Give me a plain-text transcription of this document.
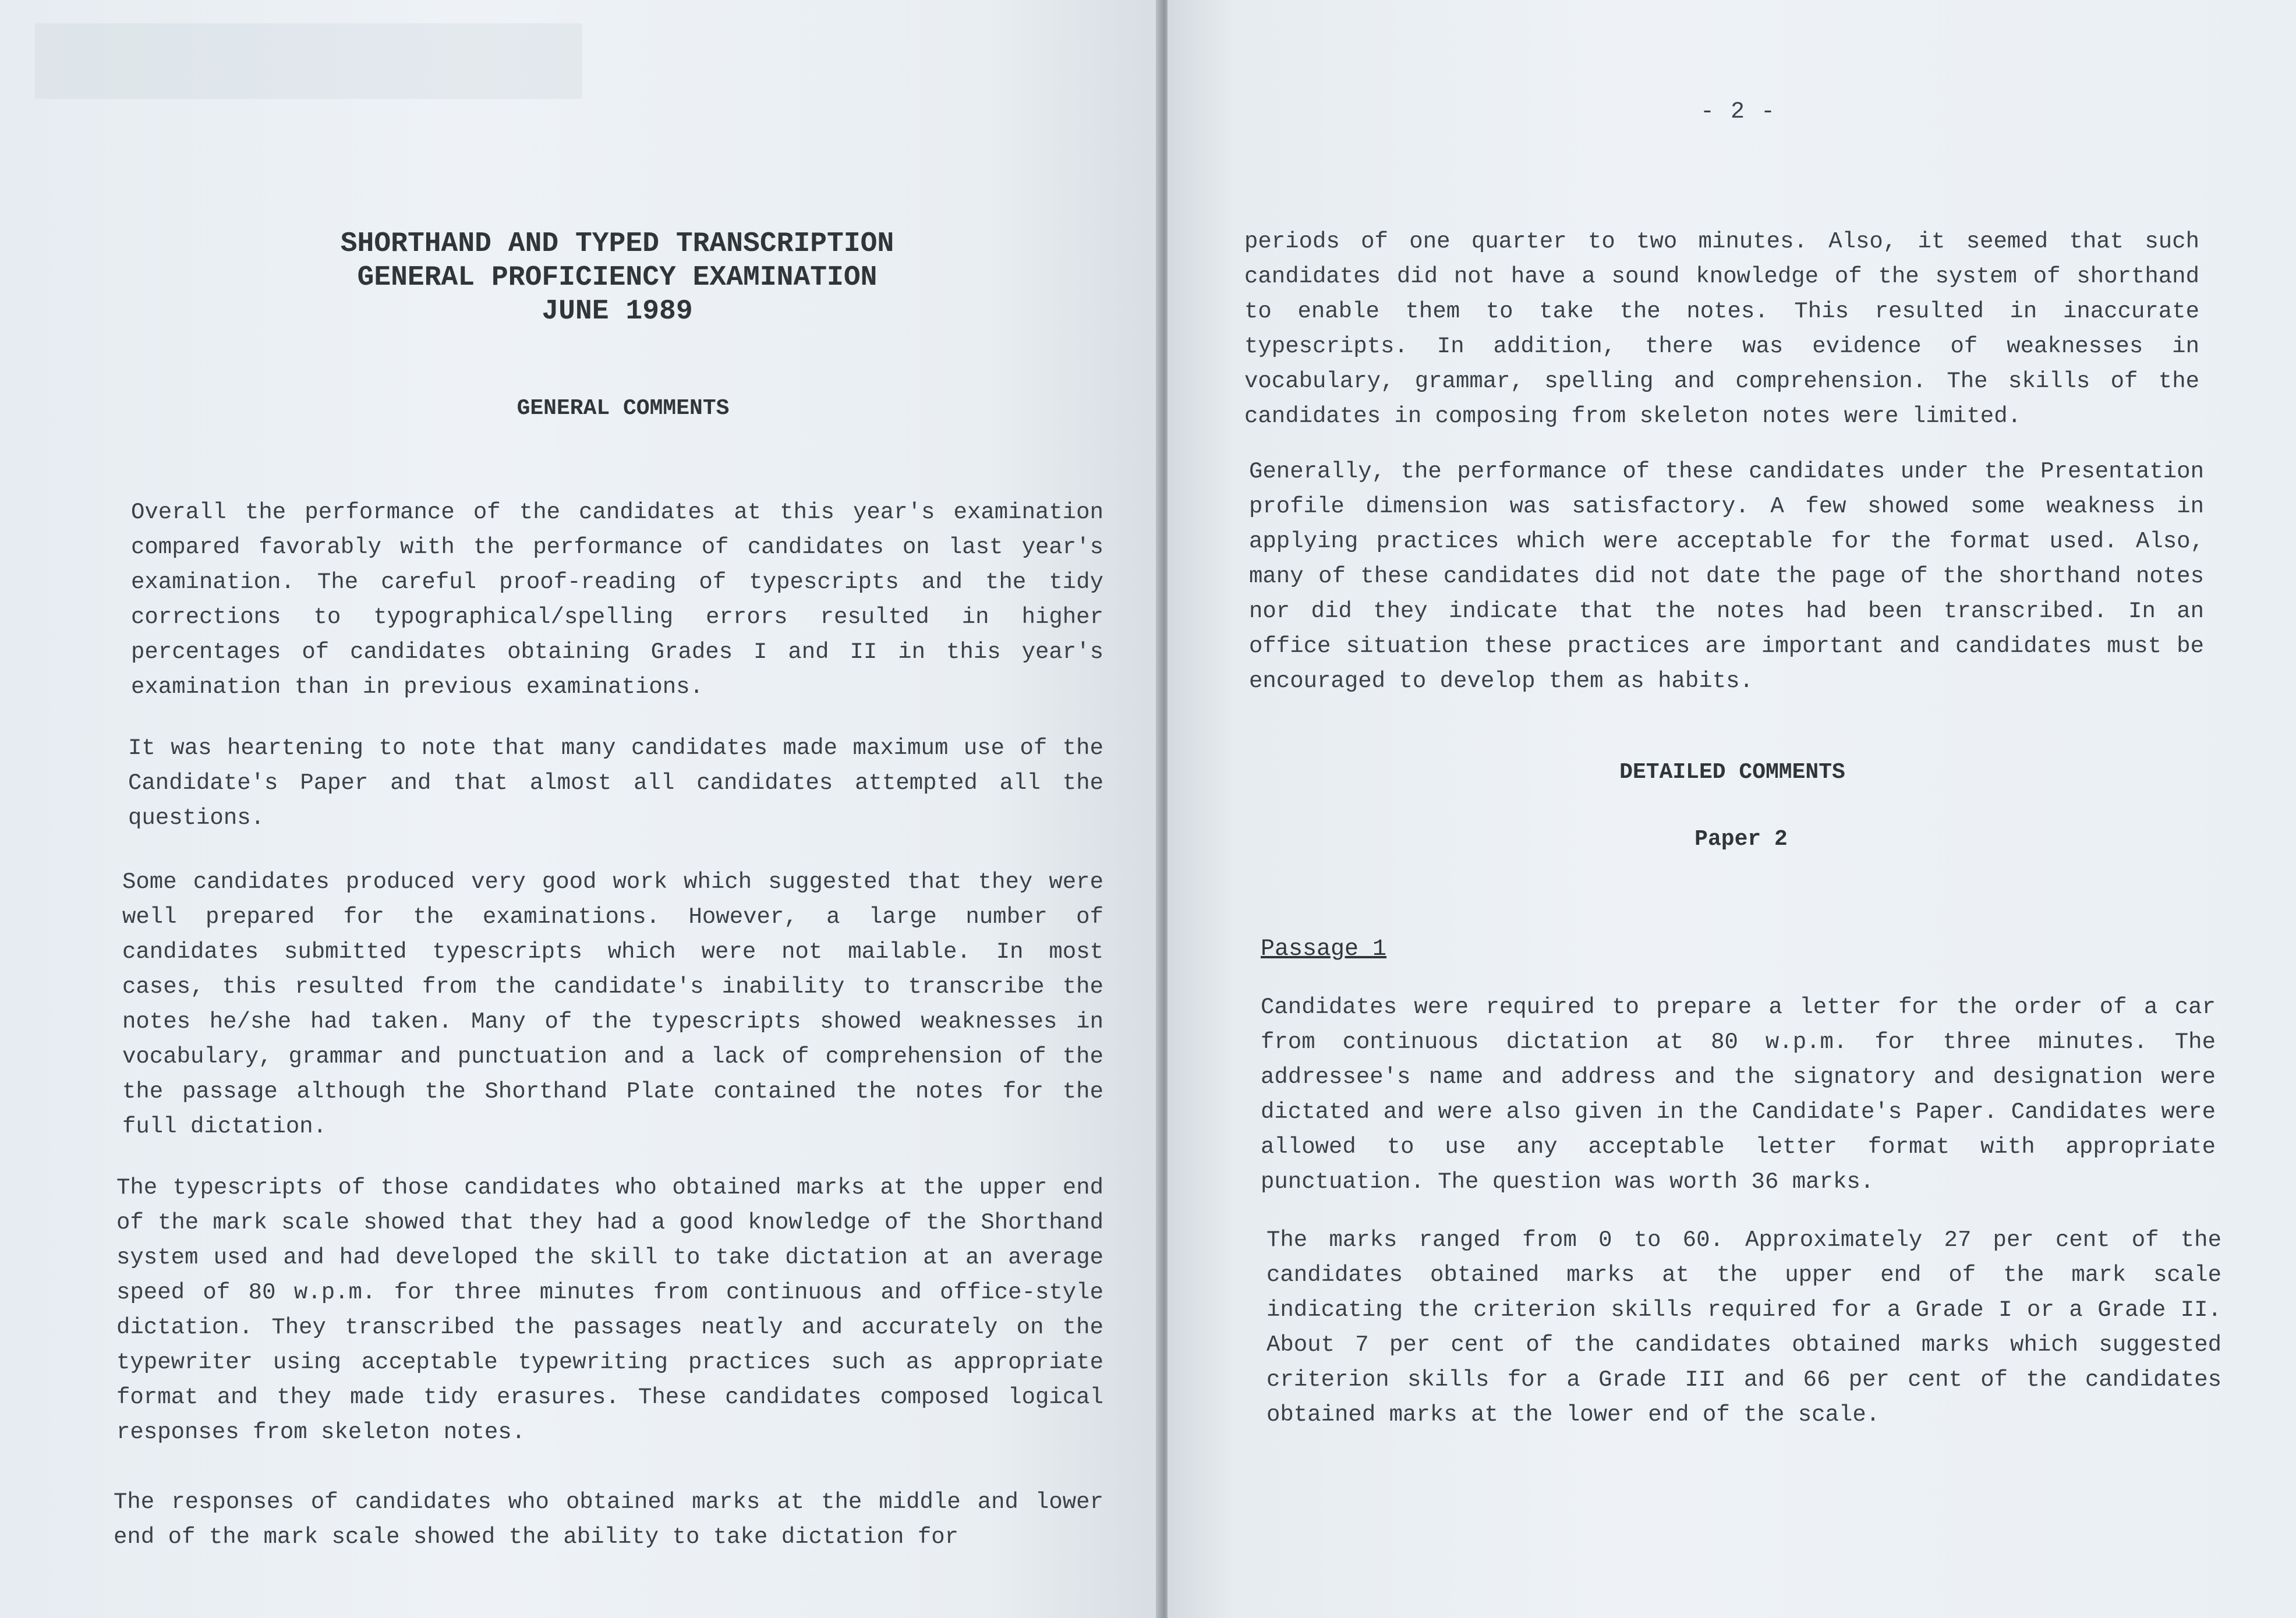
SHORTHAND AND TYPED TRANSCRIPTION
GENERAL PROFICIENCY EXAMINATION
JUNE 1989
GENERAL COMMENTS

Overall the performance of the candidates at this year's examination compared favorably with the performance of candidates on last year's examination. The careful proof-reading of typescripts and the tidy corrections to typographical/spelling errors resulted in higher percentages of candidates obtaining Grades I and II in this year's examination than in previous examinations.

It was heartening to note that many candidates made maximum use of the Candidate's Paper and that almost all candidates attempted all the questions.

Some candidates produced very good work which suggested that they were well prepared for the examinations. However, a large number of candidates submitted typescripts which were not mailable. In most cases, this resulted from the candidate's inability to transcribe the notes he/she had taken. Many of the typescripts showed weaknesses in vocabulary, grammar and punctuation and a lack of comprehension of the the passage although the Shorthand Plate contained the notes for the full dictation.

The typescripts of those candidates who obtained marks at the upper end of the mark scale showed that they had a good knowledge of the Shorthand system used and had developed the skill to take dictation at an average speed of 80 w.p.m. for three minutes from continuous and office-style dictation. They transcribed the passages neatly and accurately on the typewriter using acceptable typewriting practices such as appropriate format and they made tidy erasures. These candidates composed logical responses from skeleton notes.

The responses of candidates who obtained marks at the middle and lower end of the mark scale showed the ability to take dictation for

- 2 -

periods of one quarter to two minutes. Also, it seemed that such candidates did not have a sound knowledge of the system of shorthand to enable them to take the notes. This resulted in inaccurate typescripts. In addition, there was evidence of weaknesses in vocabulary, grammar, spelling and comprehension. The skills of the candidates in composing from skeleton notes were limited.

Generally, the performance of these candidates under the Presentation profile dimension was satisfactory. A few showed some weakness in applying practices which were acceptable for the format used. Also, many of these candidates did not date the page of the shorthand notes nor did they indicate that the notes had been transcribed. In an office situation these practices are important and candidates must be encouraged to develop them as habits.

DETAILED COMMENTS
Paper 2
Passage 1

Candidates were required to prepare a letter for the order of a car from continuous dictation at 80 w.p.m. for three minutes. The addressee's name and address and the signatory and designation were dictated and were also given in the Candidate's Paper. Candidates were allowed to use any acceptable letter format with appropriate punctuation. The question was worth 36 marks.

The marks ranged from 0 to 60. Approximately 27 per cent of the candidates obtained marks at the upper end of the mark scale indicating the criterion skills required for a Grade I or a Grade II. About 7 per cent of the candidates obtained marks which suggested criterion skills for a Grade III and 66 per cent of the candidates obtained marks at the lower end of the scale.
